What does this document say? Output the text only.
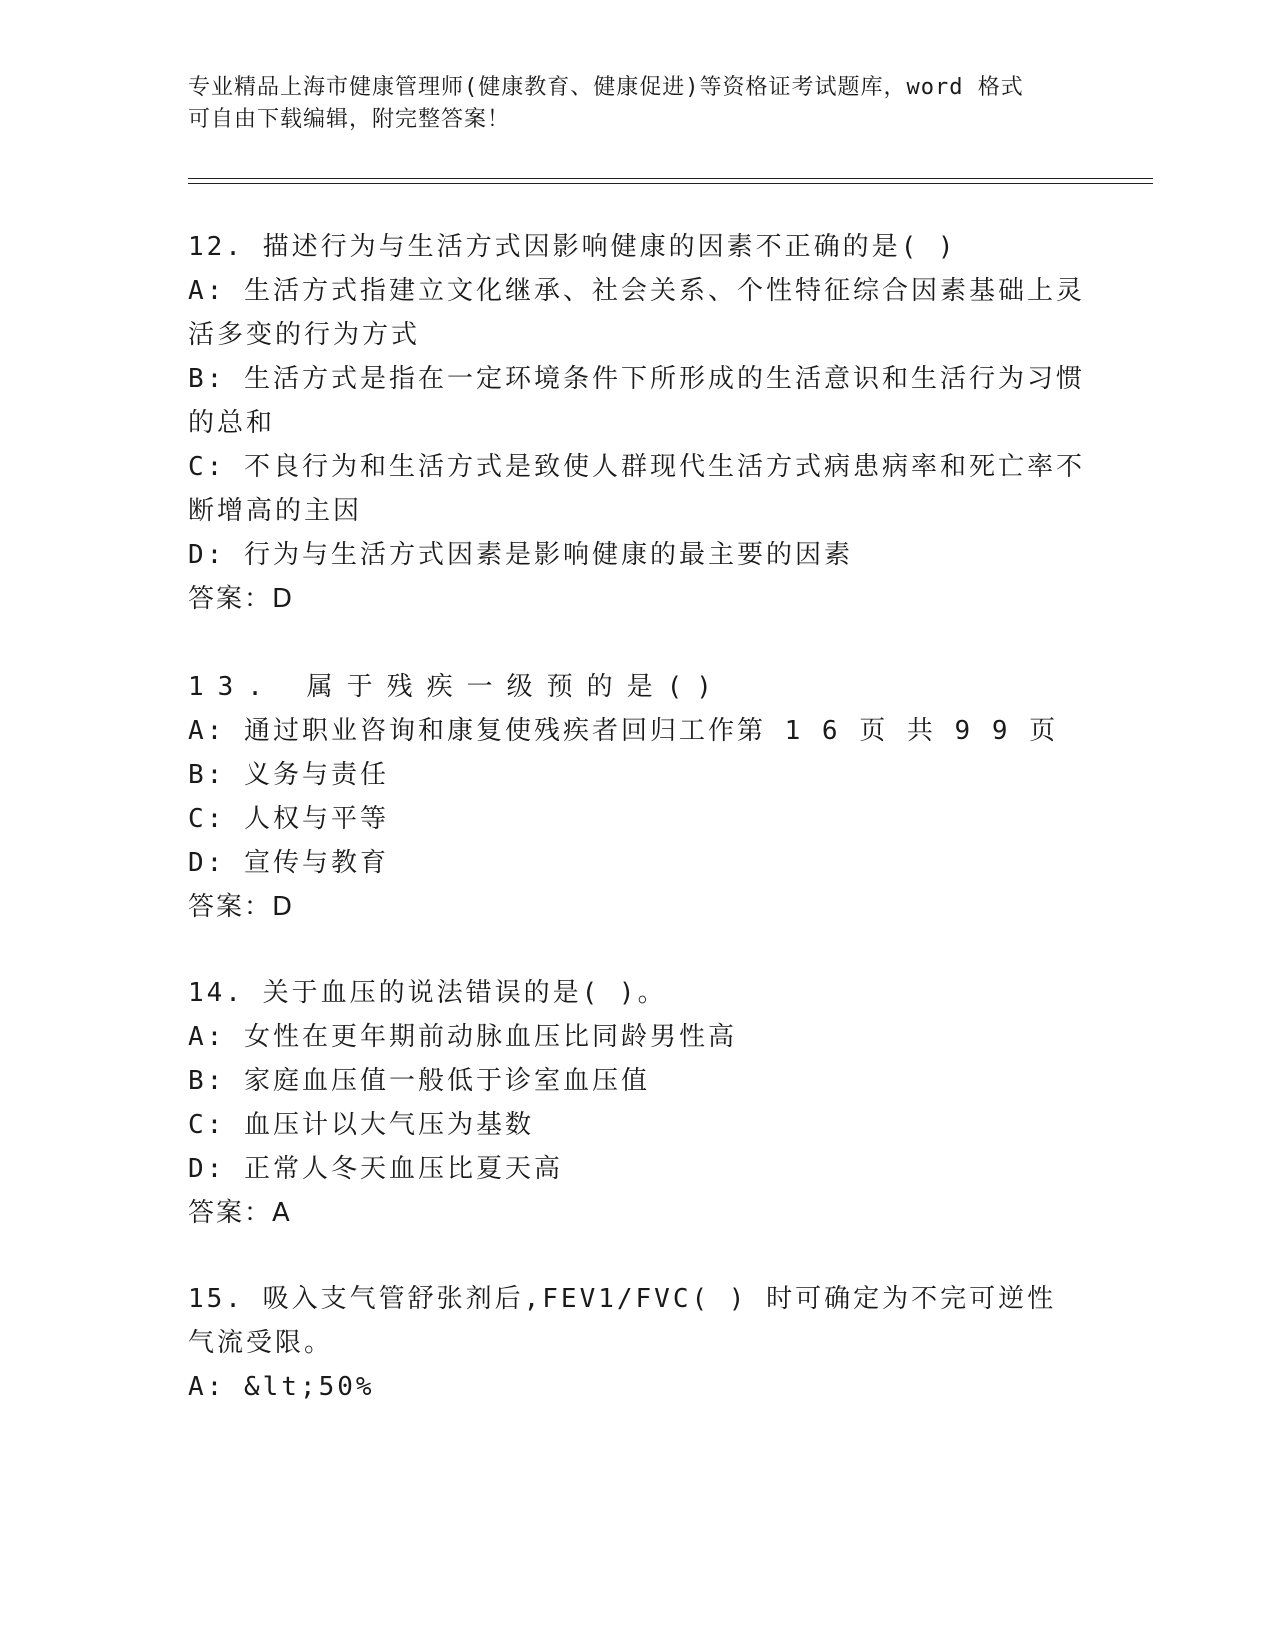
专业精品上海市健康管理师(健康教育、健康促进)等资格证考试题库，word 格式
可自由下载编辑，附完整答案！
12. 描述行为与生活方式因影响健康的因素不正确的是( )
A: 生活方式指建立文化继承、社会关系、个性特征综合因素基础上灵
活多变的行为方式
B: 生活方式是指在一定环境条件下所形成的生活意识和生活行为习惯
的总和
C: 不良行为和生活方式是致使人群现代生活方式病患病率和死亡率不
断增高的主因
D: 行为与生活方式因素是影响健康的最主要的因素
答案：D
13. 属于残疾一级预的是()
A: 通过职业咨询和康复使残疾者回归工作第 1 6 页 共 9 9 页
B: 义务与责任
C: 人权与平等
D: 宣传与教育
答案：D
14. 关于血压的说法错误的是( )。
A: 女性在更年期前动脉血压比同龄男性高
B: 家庭血压值一般低于诊室血压值
C: 血压计以大气压为基数
D: 正常人冬天血压比夏天高
答案：A
15. 吸入支气管舒张剂后,FEV1/FVC( ) 时可确定为不完可逆性
气流受限。
A: &lt;50%
